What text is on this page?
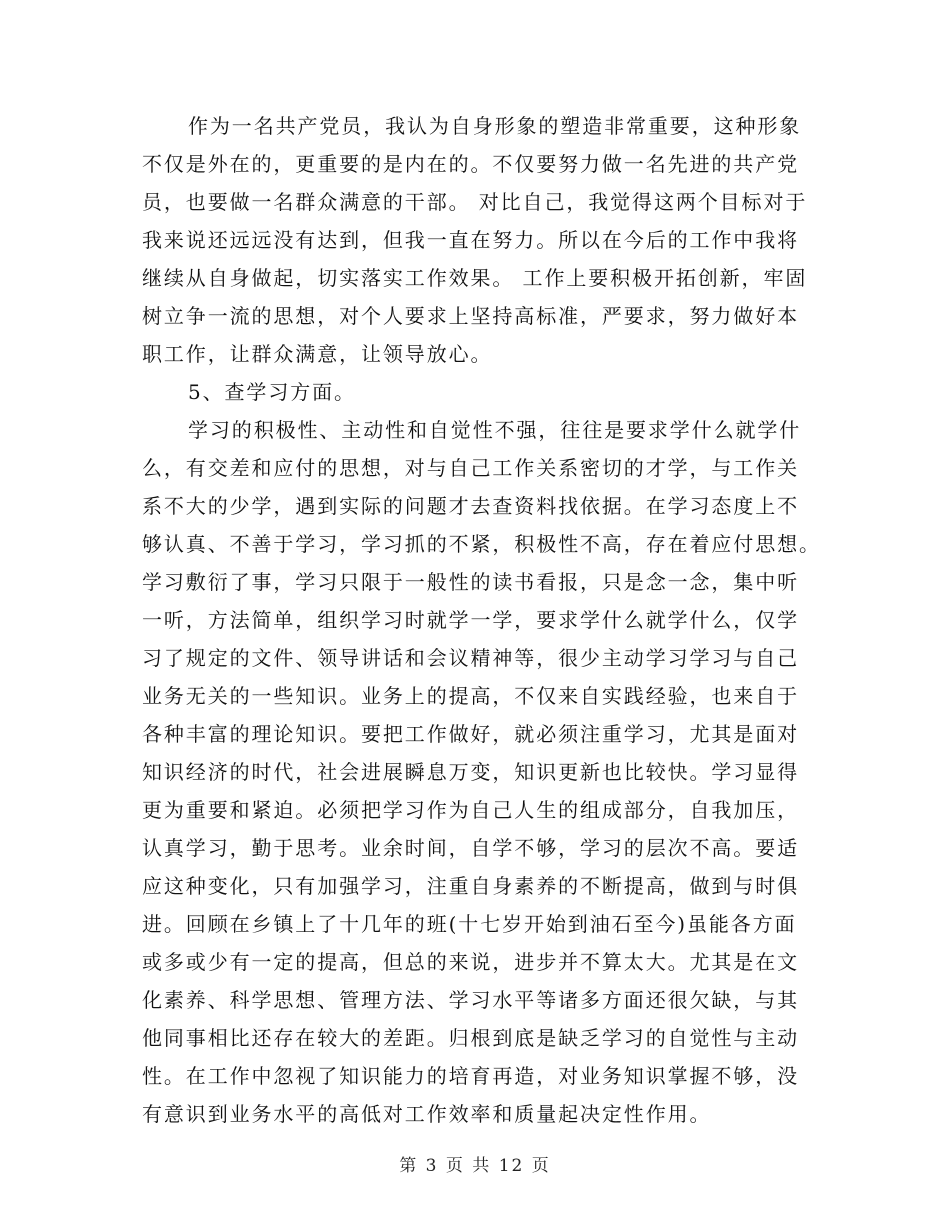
作为一名共产党员，我认为自身形象的塑造非常重要，这种形象
不仅是外在的，更重要的是内在的。不仅要努力做一名先进的共产党
员，也要做一名群众满意的干部。 对比自己，我觉得这两个目标对于
我来说还远远没有达到，但我一直在努力。所以在今后的工作中我将
继续从自身做起，切实落实工作效果。 工作上要积极开拓创新，牢固
树立争一流的思想，对个人要求上坚持高标准，严要求，努力做好本
职工作，让群众满意，让领导放心。
5、查学习方面。
学习的积极性、主动性和自觉性不强，往往是要求学什么就学什
么，有交差和应付的思想，对与自己工作关系密切的才学，与工作关
系不大的少学，遇到实际的问题才去查资料找依据。在学习态度上不
够认真、不善于学习，学习抓的不紧，积极性不高，存在着应付思想。
学习敷衍了事，学习只限于一般性的读书看报，只是念一念，集中听
一听，方法简单，组织学习时就学一学，要求学什么就学什么，仅学
习了规定的文件、领导讲话和会议精神等，很少主动学习学习与自己
业务无关的一些知识。业务上的提高，不仅来自实践经验，也来自于
各种丰富的理论知识。要把工作做好，就必须注重学习，尤其是面对
知识经济的时代，社会进展瞬息万变，知识更新也比较快。学习显得
更为重要和紧迫。必须把学习作为自己人生的组成部分，自我加压，
认真学习，勤于思考。业余时间，自学不够，学习的层次不高。要适
应这种变化，只有加强学习，注重自身素养的不断提高，做到与时俱
进。回顾在乡镇上了十几年的班(十七岁开始到油石至今)虽能各方面
或多或少有一定的提高，但总的来说，进步并不算太大。尤其是在文
化素养、科学思想、管理方法、学习水平等诸多方面还很欠缺，与其
他同事相比还存在较大的差距。归根到底是缺乏学习的自觉性与主动
性。在工作中忽视了知识能力的培育再造，对业务知识掌握不够，没
有意识到业务水平的高低对工作效率和质量起决定性作用。
第 3 页 共 12 页
